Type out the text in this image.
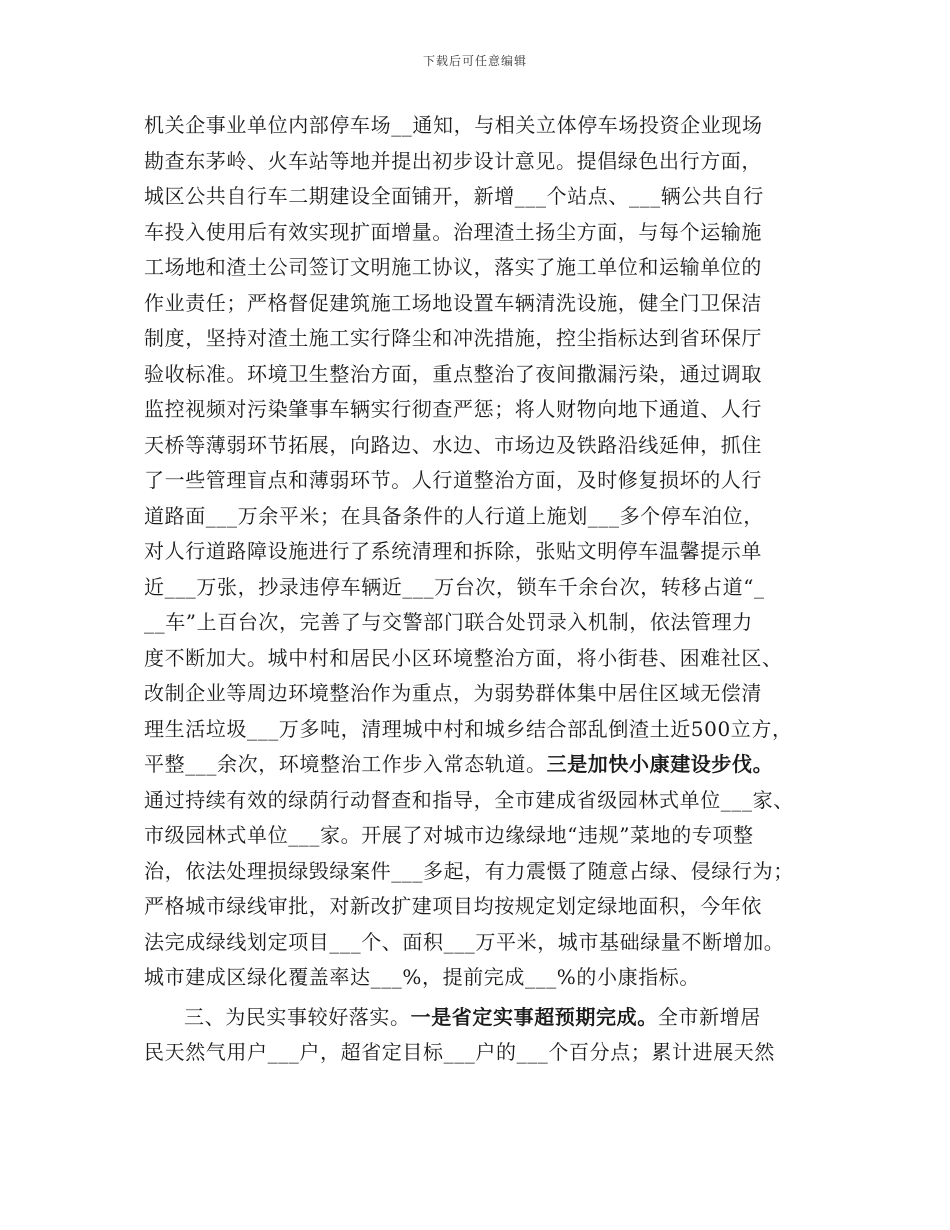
下载后可任意编辑
机关企事业单位内部停车场__通知，与相关立体停车场投资企业现场
勘查东茅岭、火车站等地并提出初步设计意见。提倡绿色出行方面，
城区公共自行车二期建设全面铺开，新增___个站点、___辆公共自行
车投入使用后有效实现扩面增量。治理渣土扬尘方面，与每个运输施
工场地和渣土公司签订文明施工协议，落实了施工单位和运输单位的
作业责任；严格督促建筑施工场地设置车辆清洗设施，健全门卫保洁
制度，坚持对渣土施工实行降尘和冲洗措施，控尘指标达到省环保厅
验收标准。环境卫生整治方面，重点整治了夜间撒漏污染，通过调取
监控视频对污染肇事车辆实行彻查严惩；将人财物向地下通道、人行
天桥等薄弱环节拓展，向路边、水边、市场边及铁路沿线延伸，抓住
了一些管理盲点和薄弱环节。人行道整治方面，及时修复损坏的人行
道路面___万余平米；在具备条件的人行道上施划___多个停车泊位，
对人行道路障设施进行了系统清理和拆除，张贴文明停车温馨提示单
近___万张，抄录违停车辆近___万台次，锁车千余台次，转移占道“_
__车”上百台次，完善了与交警部门联合处罚录入机制，依法管理力
度不断加大。城中村和居民小区环境整治方面，将小街巷、困难社区、
改制企业等周边环境整治作为重点，为弱势群体集中居住区域无偿清
理生活垃圾___万多吨，清理城中村和城乡结合部乱倒渣土近500立方，
平整___余次，环境整治工作步入常态轨道。三是加快小康建设步伐。
通过持续有效的绿荫行动督查和指导，全市建成省级园林式单位___家、
市级园林式单位___家。开展了对城市边缘绿地“违规”菜地的专项整
治，依法处理损绿毁绿案件___多起，有力震慑了随意占绿、侵绿行为；
严格城市绿线审批，对新改扩建项目均按规定划定绿地面积，今年依
法完成绿线划定项目___个、面积___万平米，城市基础绿量不断增加。
城市建成区绿化覆盖率达___%，提前完成___%的小康指标。
三、为民实事较好落实。一是省定实事超预期完成。全市新增居
民天然气用户___户，超省定目标___户的___个百分点；累计进展天然
